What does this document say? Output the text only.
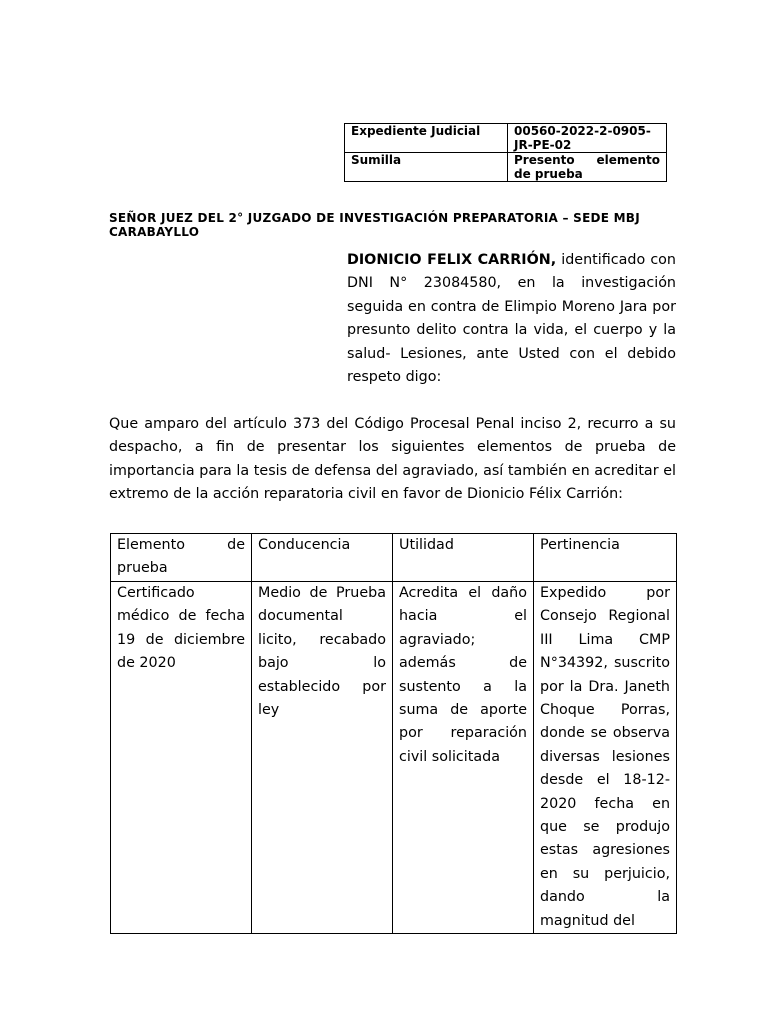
Expediente Judicial	00560-2022-2-0905-JR-PE-02
Sumilla	Presento elemento de prueba
SEÑOR JUEZ DEL 2° JUZGADO DE INVESTIGACIÓN PREPARATORIA – SEDE MBJ CARABAYLLO
DIONICIO FELIX CARRIÓN, identificado con DNI N° 23084580, en la investigación seguida en contra de Elimpio Moreno Jara por presunto delito contra la vida, el cuerpo y la salud- Lesiones, ante Usted con el debido respeto digo:
Que amparo del artículo 373 del Código Procesal Penal inciso 2, recurro a su despacho, a fin de presentar los siguientes elementos de prueba de importancia para la tesis de defensa del agraviado, así también en acreditar el extremo de la acción reparatoria civil en favor de Dionicio Félix Carrión:
Elemento de prueba	Conducencia	Utilidad	Pertinencia
Certificado médico de fecha 19 de diciembre de 2020	Medio de Prueba documental licito, recabado bajo lo establecido por ley	Acredita el daño hacia el agraviado; además de sustento a la suma de aporte por reparación civil solicitada	Expedido por Consejo Regional III Lima CMP N°34392, suscrito por la Dra. Janeth Choque Porras, donde se observa diversas lesiones desde el 18-12-2020 fecha en que se produjo estas agresiones en su perjuicio, dando la magnitud del
